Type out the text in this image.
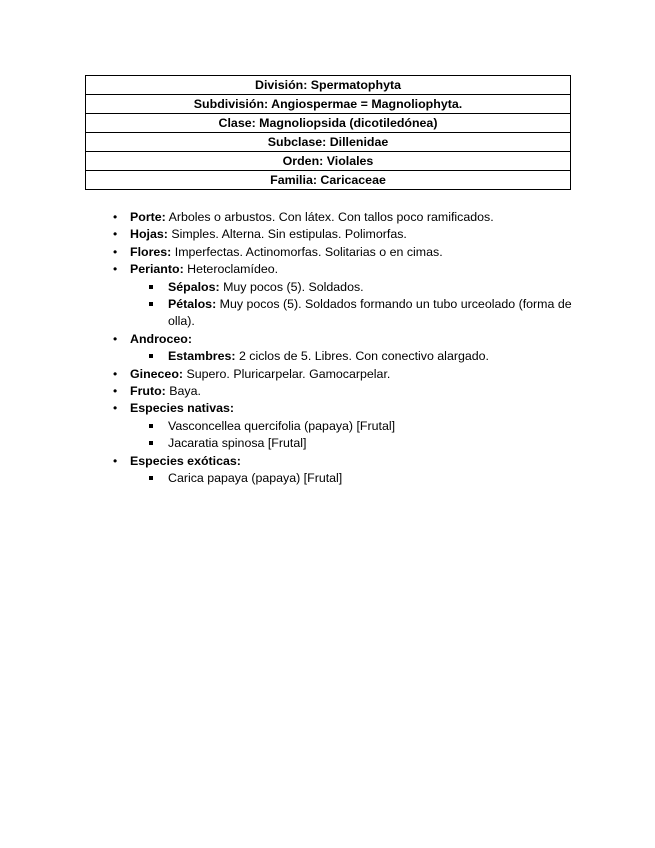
División: Spermatophyta
Subdivisión: Angiospermae = Magnoliophyta.
Clase: Magnoliopsida (dicotiledónea)
Subclase: Dillenidae
Orden: Violales
Familia: Caricaceae
• Porte: Arboles o arbustos. Con látex. Con tallos poco ramificados.
• Hojas: Simples. Alterna. Sin estipulas. Polimorfas.
• Flores: Imperfectas. Actinomorfas. Solitarias o en cimas.
• Perianto: Heteroclamídeo.
Sépalos: Muy pocos (5). Soldados.
Pétalos: Muy pocos (5). Soldados formando un tubo urceolado (forma de olla).
• Androceo:
Estambres: 2 ciclos de 5. Libres. Con conectivo alargado.
• Gineceo: Supero. Pluricarpelar. Gamocarpelar.
• Fruto: Baya.
• Especies nativas:
Vasconcellea quercifolia (papaya) [Frutal]
Jacaratia spinosa [Frutal]
• Especies exóticas:
Carica papaya (papaya) [Frutal]
